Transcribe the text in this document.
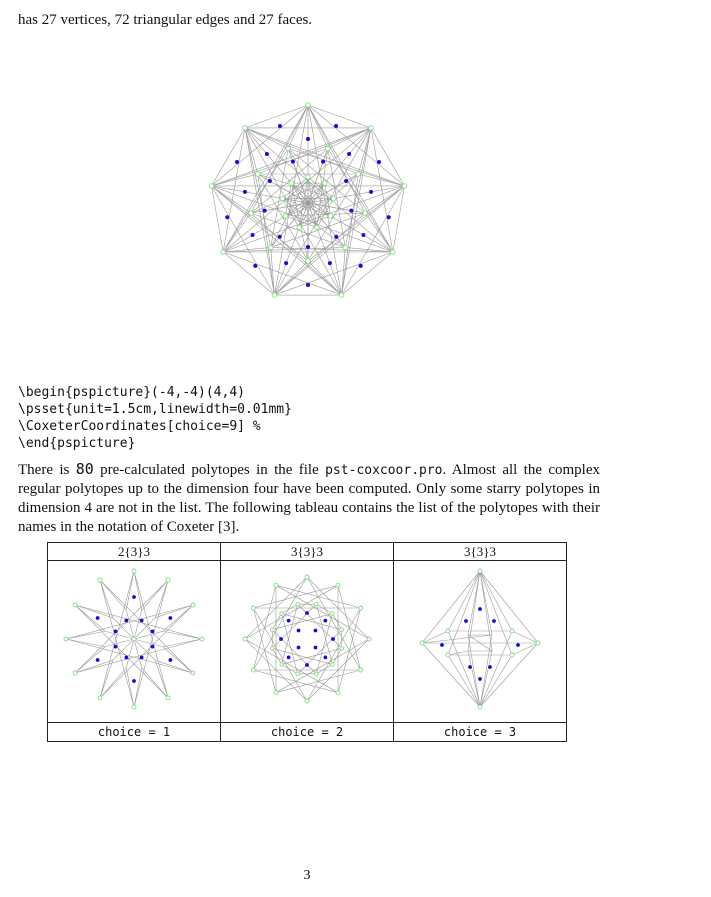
has 27 vertices, 72 triangular edges and 27 faces.
\begin{pspicture}(-4,-4)(4,4)
\psset{unit=1.5cm,linewidth=0.01mm}
\CoxeterCoordinates[choice=9] %
\end{pspicture}

There is 80 pre-calculated polytopes in the file pst-coxcoor.pro. Almost all the complex regular polytopes up to the dimension four have been computed. Only some starry polytopes in dimension 4 are not in the list. The following tableau contains the list of the polytopes with their names in the notation of Coxeter [3].

2{3}3	3{3}3	3{3}3

choice = 1	choice = 2	choice = 3
3
